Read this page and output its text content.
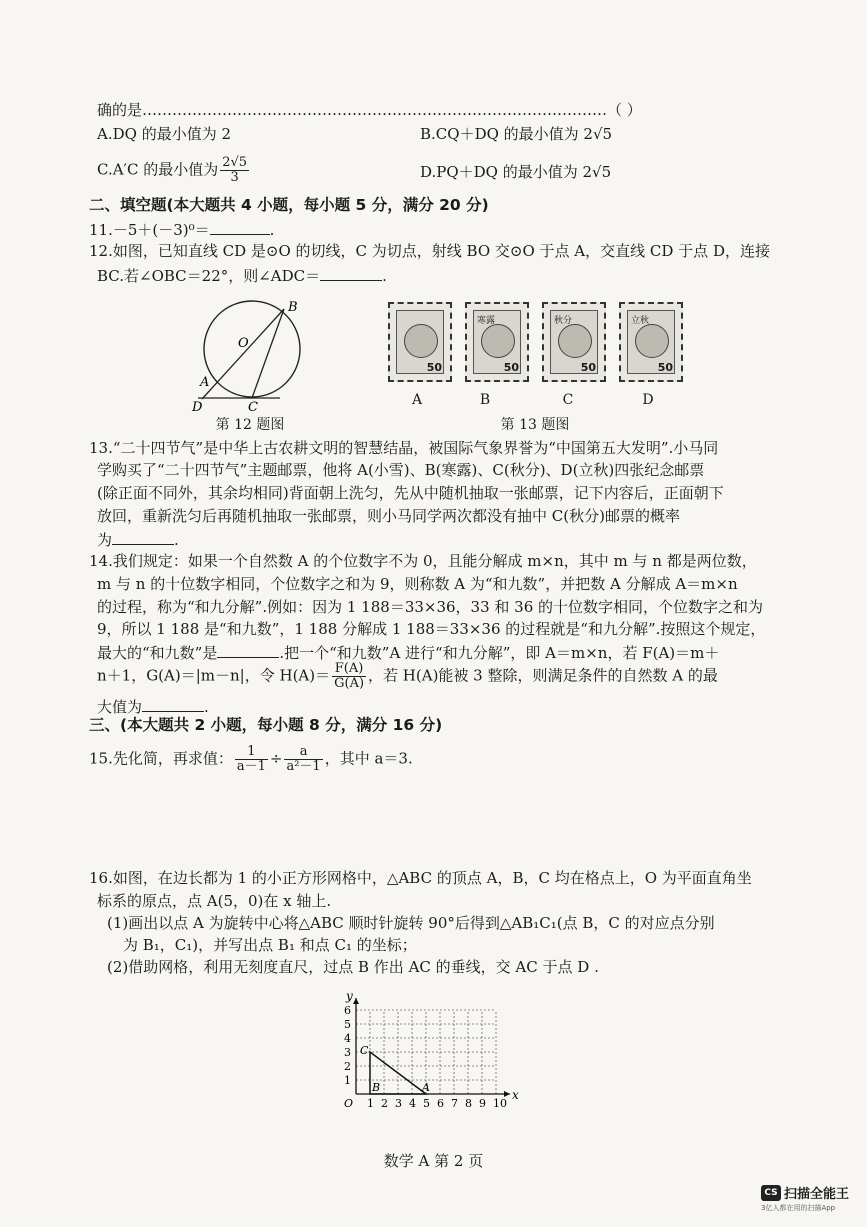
确的是…………………………………………………………………………………（ ）
A.DQ 的最小值为 2	B.CQ＋DQ 的最小值为 2√5
C.A′C 的最小值为 $\frac{2√5}{3}$	D.PQ＋DQ 的最小值为 2√5
二、填空题(本大题共 4 小题，每小题 5 分，满分 20 分)
11.－5＋(－3)⁰＝	.
12.如图，已知直线 CD 是⊙O 的切线，C 为切点，射线 BO 交⊙O 于点 A，交直线 CD 于点 D，连接
BC.若∠OBC＝22°，则∠ADC＝	.
B
O
A
D	C
第 12 题图
50
寒露
50
秋分
50
立秋
50
A	B	C	D
第 13 题图
13.“二十四节气”是中华上古农耕文明的智慧结晶，被国际气象界誉为“中国第五大发明”.小马同
学购买了“二十四节气”主题邮票，他将 A(小雪)、B(寒露)、C(秋分)、D(立秋)四张纪念邮票
(除正面不同外，其余均相同)背面朝上洗匀，先从中随机抽取一张邮票，记下内容后，正面朝下
放回，重新洗匀后再随机抽取一张邮票，则小马同学两次都没有抽中 C(秋分)邮票的概率
为	.
14.我们规定：如果一个自然数 A 的个位数字不为 0，且能分解成 m×n，其中 m 与 n 都是两位数，
m 与 n 的十位数字相同，个位数字之和为 9，则称数 A 为“和九数”，并把数 A 分解成 A＝m×n
的过程，称为“和九分解”.例如：因为 1 188＝33×36，33 和 36 的十位数字相同，个位数字之和为
9，所以 1 188 是“和九数”，1 188 分解成 1 188＝33×36 的过程就是“和九分解”.按照这个规定，
最大的“和九数”是	.把一个“和九数”A 进行“和九分解”，即 A＝m×n，若 F(A)＝m＋
n＋1，G(A)＝|m－n|，令 $H(A)= \frac{F(A)}{G(A)}$ ，若 H(A)能被 3 整除，则满足条件的自然数 A 的最
大值为	.
三、(本大题共 2 小题，每小题 8 分，满分 16 分)
15.先化简，再求值： $\frac{1}{a-1} \div \frac{a}{\text{a²－1}}$ ，其中 a＝3.
16.如图，在边长都为 1 的小正方形网格中，△ABC 的顶点 A，B，C 均在格点上，O 为平面直角坐
标系的原点，点 A(5，0)在 x 轴上.
(1)画出以点 A 为旋转中心将△ABC 顺时针旋转 90°后得到△AB₁C₁(点 B，C 的对应点分别
为 B₁，C₁)，并写出点 B₁ 和点 C₁ 的坐标；
(2)借助网格，利用无刻度直尺，过点 B 作出 AC 的垂线，交 AC 于点 D .
1 2 3 4 5 6 7 8 9 10
1
2
3
4
5
6
x
y
O
A
B
C
数学 A 第 2 页
CS 扫描全能王
3亿人都在用的扫描App
